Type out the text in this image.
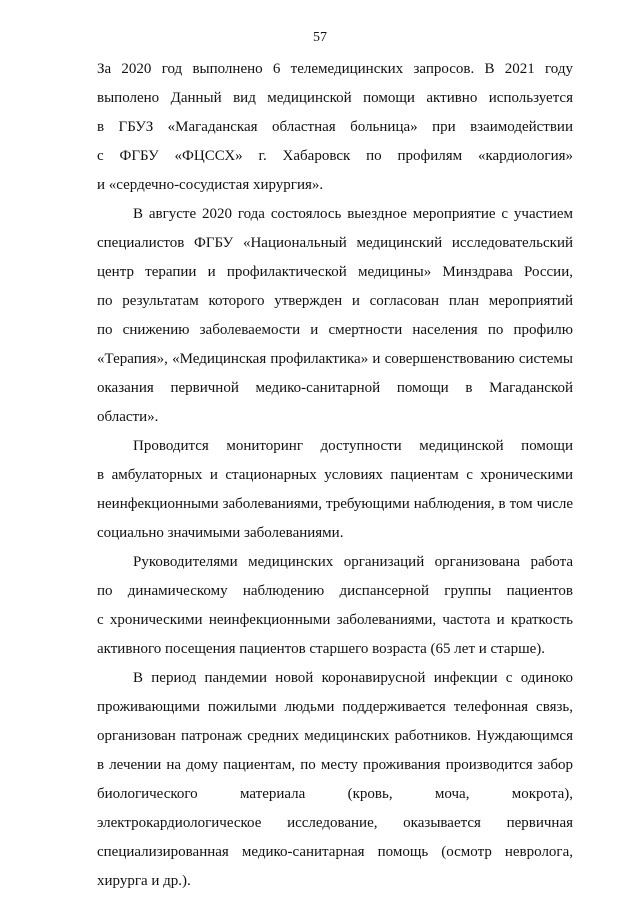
57
За 2020 год выполнено 6 телемедицинских запросов. В 2021 году
выполено Данный вид медицинской помощи активно используется
в ГБУЗ «Магаданская областная больница» при взаимодействии
с ФГБУ «ФЦССХ» г. Хабаровск по профилям «кардиология»
и «сердечно-сосудистая хирургия».
В августе 2020 года состоялось выездное мероприятие с участием
специалистов ФГБУ «Национальный медицинский исследовательский
центр терапии и профилактической медицины» Минздрава России,
по результатам которого утвержден и согласован план мероприятий
по снижению заболеваемости и смертности населения по профилю
«Терапия», «Медицинская профилактика» и совершенствованию системы
оказания первичной медико-санитарной помощи в Магаданской
области».
Проводится мониторинг доступности медицинской помощи
в амбулаторных и стационарных условиях пациентам с хроническими
неинфекционными заболеваниями, требующими наблюдения, в том числе
социально значимыми заболеваниями.
Руководителями медицинских организаций организована работа
по динамическому наблюдению диспансерной группы пациентов
с хроническими неинфекционными заболеваниями, частота и краткость
активного посещения пациентов старшего возраста (65 лет и старше).
В период пандемии новой коронавирусной инфекции с одиноко
проживающими пожилыми людьми поддерживается телефонная связь,
организован патронаж средних медицинских работников. Нуждающимся
в лечении на дому пациентам, по месту проживания производится забор
биологического материала (кровь, моча, мокрота),
электрокардиологическое исследование, оказывается первичная
специализированная медико-санитарная помощь (осмотр невролога,
хирурга и др.).
